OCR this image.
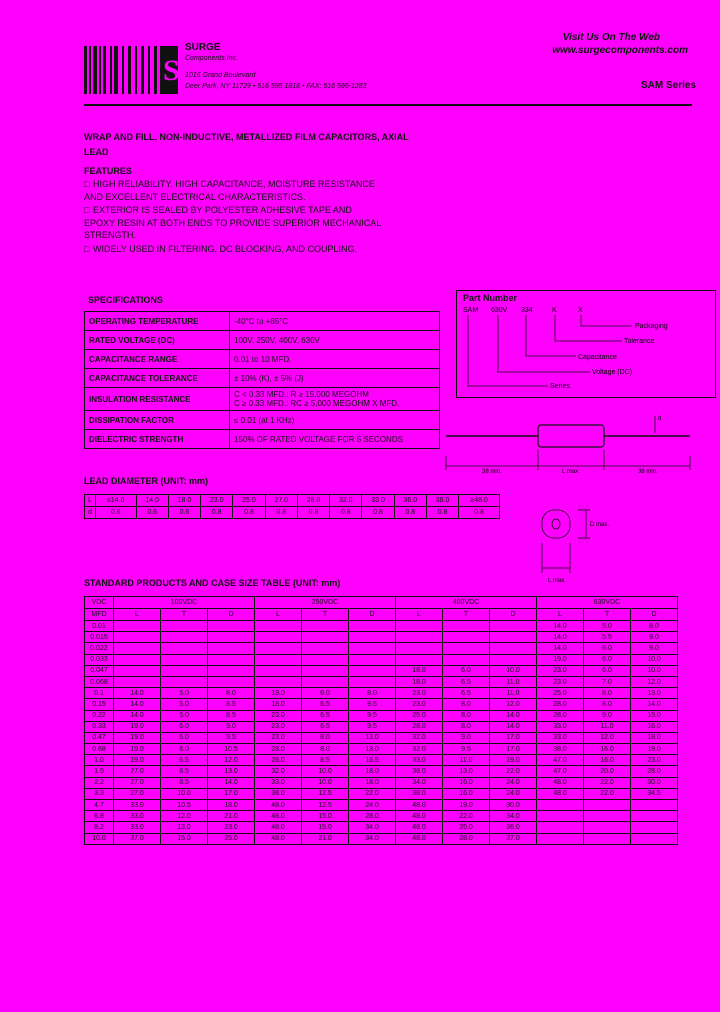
S
SURGE
Components,Inc.
1016 Grand Boulevard
Deer Park, NY 11729 • 516 595 1818 • FAX: 516 595-1283
Visit Us On The Web
www.surgecomponents.com
SAM Series
WRAP AND FILL, NON-INDUCTIVE, METALLIZED FILM CAPACITORS, AXIAL LEAD
FEATURES
□ HIGH RELIABILITY, HIGH CAPACITANCE, MOISTURE RESISTANCE AND EXCELLENT ELECTRICAL CHARACTERISTICS.
□ EXTERIOR IS SEALED BY POLYESTER ADHESIVE TAPE AND EPOXY RESIN AT BOTH ENDS TO PROVIDE SUPERIOR MECHANICAL STRENGTH.
□ WIDELY USED IN FILTERING, DC BLOCKING, AND COUPLING.
SPECIFICATIONS
OPERATING TEMPERATURE	-40°C to +85°C
RATED VOLTAGE (DC)	100V, 250V, 400V, 630V
CAPACITANCE RANGE	0.01 to 10 MFD.
CAPACITANCE TOLERANCE	± 10% (K), ± 5% (J)
INSULATION RESISTANCE	C < 0.33 MFD.: R ≥ 15,000 MEGOHM
C ≥ 0.33 MFD.: RC ≥ 5,000 MEGOHM X MFD.

DISSIPATION FACTOR	≤ 0.01 (at 1 KHz)
DIELECTRIC STRENGTH	150% OF RATED VOLTAGE FOR 5 SECONDS
Part Number
SAM 630V 334	K	X
Packaging
Tolerance
Capacitance
Voltage (DC)
Series
d
38 min.	L max.	38 min.
D max.
L max.
LEAD DIAMETER (UNIT: mm)
L	≤14.0	14.0	18.0	23.0	25.0	27.0	28.0	32.0	33.0	36.0	38.0	≥48.0
d	0.6	0.6	0.6	0.8	0.8	0.8	0.8	0.8	0.8	0.8	0.8	0.8
STANDARD PRODUCTS AND CASE SIZE TABLE (UNIT: mm)
VDC	100VDC			250VDC			400VDC			630VDC		
MFD	L	T	D	L	T	D	L	T	D	L	T	D
0.01										14.0	5.0	8.0
0.015										14.0	5.5	9.0
0.022										14.0	6.0	9.0
0.033										19.0	6.0	10.0
0.047							18.0	6.0	10.0	23.0	6.0	10.0
0.068							18.0	6.5	11.0	23.0	7.0	12.0
0.1	14.0	5.0	8.0	18.0	6.0	8.0	23.0	6.5	11.0	25.0	8.0	13.0
0.15	14.0	5.0	8.5	18.0	6.5	9.5	23.0	8.0	12.0	28.0	8.0	14.0
0.22	14.0	5.0	8.5	23.0	6.5	9.5	25.0	8.0	14.0	28.0	9.0	15.0
0.33	19.0	6.0	9.0	23.0	6.5	9.5	28.0	8.0	14.0	33.0	11.0	16.0
0.47	19.0	6.0	9.5	23.0	8.0	13.0	32.0	9.0	17.0	33.0	12.0	18.0
0.68	19.0	6.0	10.5	28.0	8.0	13.0	32.0	9.5	17.0	38.0	16.0	19.0
1.0	19.0	6.5	12.0	28.0	8.5	16.5	33.0	11.0	19.0	47.0	16.0	23.0
1.5	27.0	8.5	13.0	32.0	10.0	18.0	38.0	13.0	22.0	47.0	20.0	28.0
2.2	27.0	8.5	14.0	33.0	10.0	18.0	34.0	16.0	24.0	48.0	22.0	30.0
3.3	27.0	10.0	17.0	38.0	12.5	22.0	38.0	16.0	24.0	48.0	22.0	34.5
4.7	33.0	10.5	18.0	48.0	12.5	24.0	48.0	19.0	30.0			
6.8	33.0	12.0	21.0	48.0	15.0	28.0	48.0	22.0	34.0			
8.2	33.0	13.0	23.0	48.0	15.0	34.0	48.0	25.0	36.0			
10.0	37.0	15.0	25.0	48.0	21.0	34.0	48.0	28.0	37.0			
